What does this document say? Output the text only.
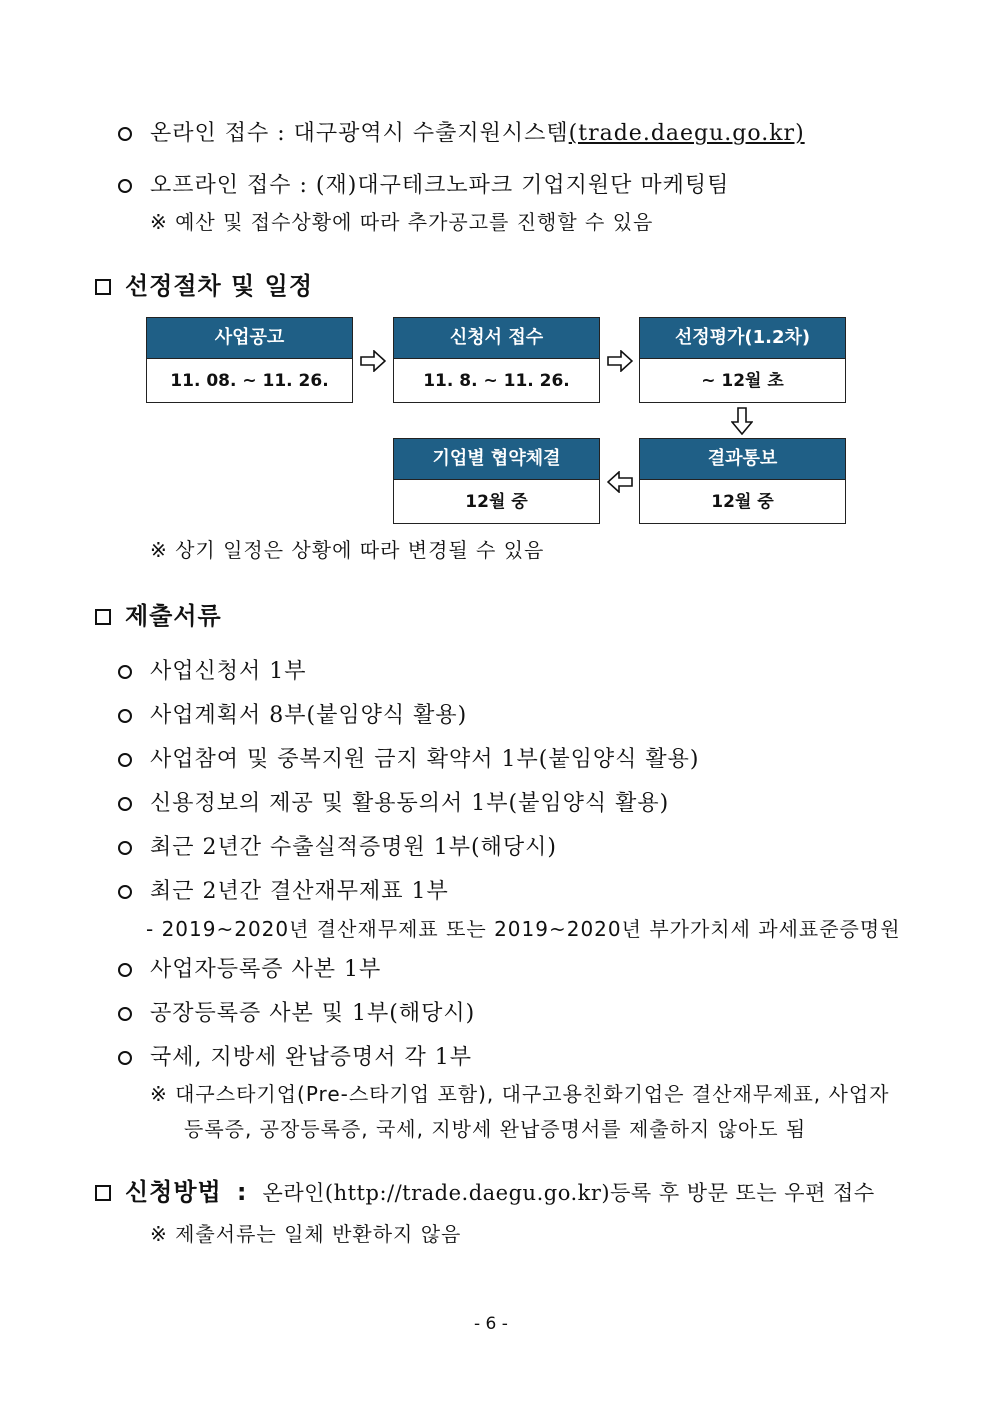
온라인 접수 : 대구광역시 수출지원시스템(trade.daegu.go.kr)
오프라인 접수 : (재)대구테크노파크 기업지원단 마케팅팀
※ 예산 및 접수상황에 따라 추가공고를 진행할 수 있음
선정절차 및 일정
사업공고
11. 08. ~ 11. 26.
신청서 접수
11. 8. ~ 11. 26.
선정평가(1.2차)
~ 12월 초
결과통보
12월 중
기업별 협약체결
12월 중
※ 상기 일정은 상황에 따라 변경될 수 있음
제출서류
사업신청서 1부
사업계획서 8부(붙임양식 활용)
사업참여 및 중복지원 금지 확약서 1부(붙임양식 활용)
신용정보의 제공 및 활용동의서 1부(붙임양식 활용)
최근 2년간 수출실적증명원 1부(해당시)
최근 2년간 결산재무제표 1부
- 2019~2020년 결산재무제표 또는 2019~2020년 부가가치세 과세표준증명원
사업자등록증 사본 1부
공장등록증 사본 및 1부(해당시)
국세, 지방세 완납증명서 각 1부
※ 대구스타기업(Pre-스타기업 포함), 대구고용친화기업은 결산재무제표, 사업자
등록증, 공장등록증, 국세, 지방세 완납증명서를 제출하지 않아도 됨
신청방법 : 온라인(http://trade.daegu.go.kr)등록 후 방문 또는 우편 접수
※ 제출서류는 일체 반환하지 않음
- 6 -
